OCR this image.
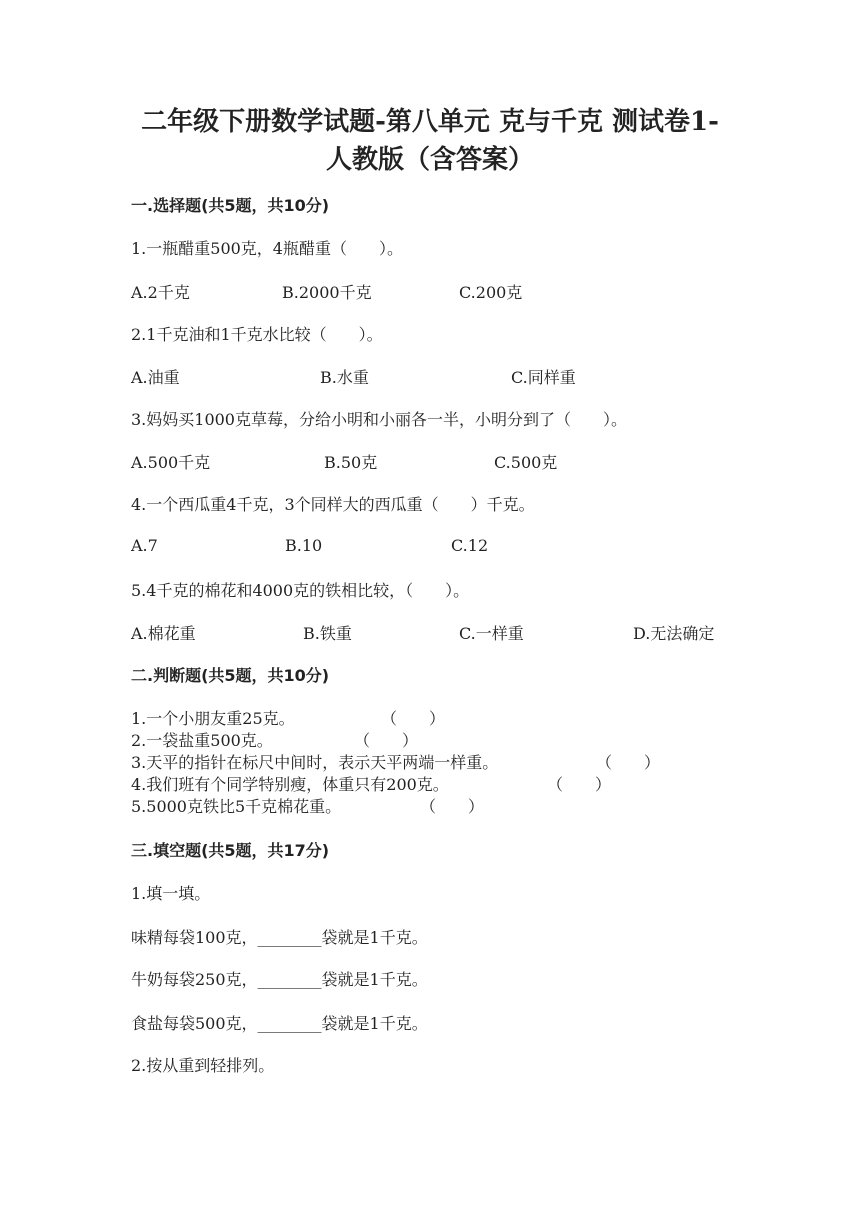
二年级下册数学试题-第八单元 克与千克 测试卷1-
人教版（含答案）
一.选择题(共5题，共10分)
1.一瓶醋重500克，4瓶醋重（　　）。
A.2千克	B.2000千克	C.200克
2.1千克油和1千克水比较（　　）。
A.油重	B.水重	C.同样重
3.妈妈买1000克草莓，分给小明和小丽各一半，小明分到了（　　）。
A.500千克	B.50克	C.500克
4.一个西瓜重4千克，3个同样大的西瓜重（　　）千克。
A.7	B.10	C.12
5.4千克的棉花和4000克的铁相比较，（　　）。
A.棉花重	B.铁重	C.一样重	D.无法确定
二.判断题(共5题，共10分)
1.一个小朋友重25克。	（　　）
2.一袋盐重500克。	（　　）
3.天平的指针在标尺中间时，表示天平两端一样重。	（　　）
4.我们班有个同学特别瘦，体重只有200克。	（　　）
5.5000克铁比5千克棉花重。	（　　）
三.填空题(共5题，共17分)
1.填一填。
味精每袋100克，________袋就是1千克。
牛奶每袋250克，________袋就是1千克。
食盐每袋500克，________袋就是1千克。
2.按从重到轻排列。
